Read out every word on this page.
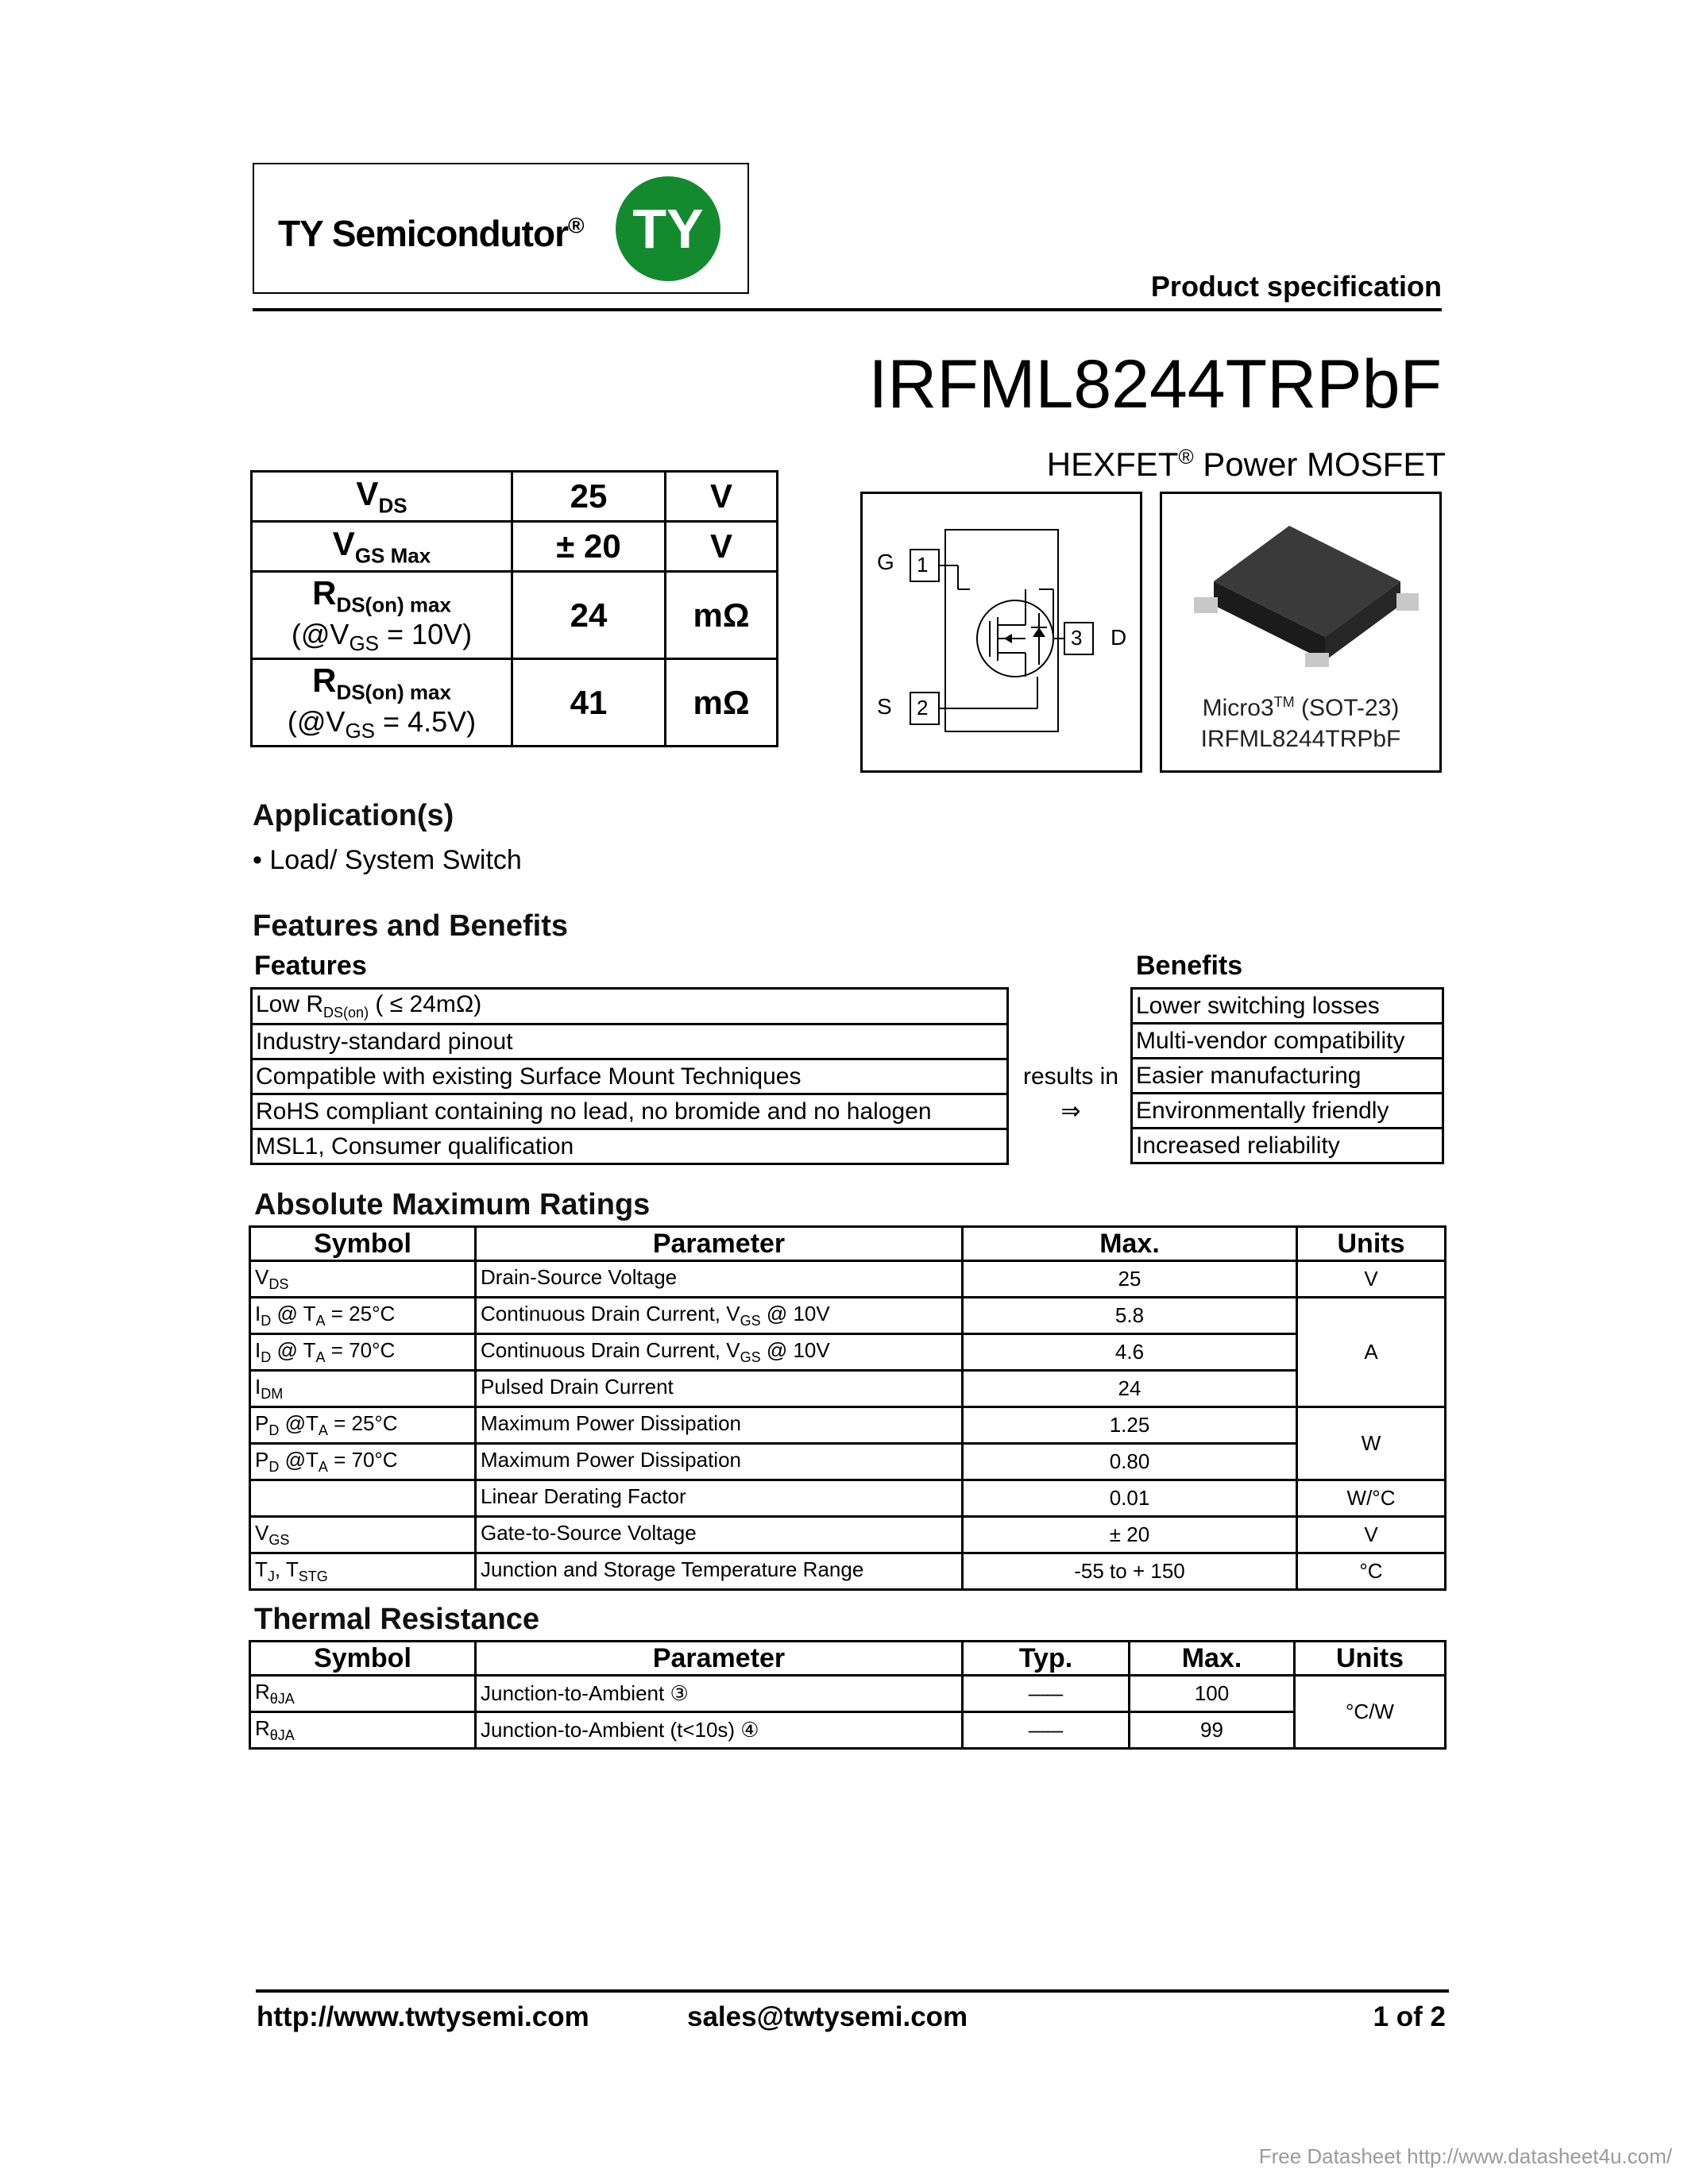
TY Semicondutor® TY
Product specification
IRFML8244TRPbF
HEXFET® Power MOSFET
$V_{DS}$	25	V
$V_{GS Max}$	± 20	V

$R_{DS(on) max}$
$(@V_{GS} = 10V)$	24	mΩ

$R_{DS(on) max}$
$(@V_{GS} = 4.5V)$	41	mΩ
G
S
D
1
2
3
Micro3™ (SOT-23)
IRFML8244TRPbF
Application(s)
• Load/ System Switch
Features and Benefits
Features	Benefits
Low $R_{DS(on)}$ ( ≤ 24mΩ)
Industry-standard pinout
Compatible with existing Surface Mount Techniques
RoHS compliant containing no lead, no bromide and no halogen
MSL1, Consumer qualification
results in
⇒
Lower switching losses
Multi-vendor compatibility
Easier manufacturing
Environmentally friendly
Increased reliability
Absolute Maximum Ratings
Symbol	Parameter	Max.	Units
$V_{DS}$	Drain-Source Voltage	25	V
$I_D$ @ $T_A = 25^\circ C$	Continuous Drain Current, $V_{GS}$ @ 10V	5.8	A
$I_D$ @ $T_A = 70^\circ C$	Continuous Drain Current, $V_{GS}$ @ 10V	4.6	
$I_{DM}$	Pulsed Drain Current	24	
$P_D$ $@T_A = 25^\circ C$	Maximum Power Dissipation	1.25	W
$P_D$ $@T_A = 70^\circ C$	Maximum Power Dissipation	0.80	
	Linear Derating Factor	0.01	W/°C
$V_{GS}$	Gate-to-Source Voltage	± 20	V
$T_J$, $T_{STG}$	Junction and Storage Temperature Range	-55 to + 150	°C
Thermal Resistance
Symbol	Parameter	Typ.	Max.	Units
$R_{\theta JA}$	Junction-to-Ambient ③	–––	100	°C/W
$R_{\theta JA}$	Junction-to-Ambient (t<10s) ④	–––	99	
http://www.twtysemi.com	sales@twtysemi.com	1 of 2
Free Datasheet http://www.datasheet4u.com/
